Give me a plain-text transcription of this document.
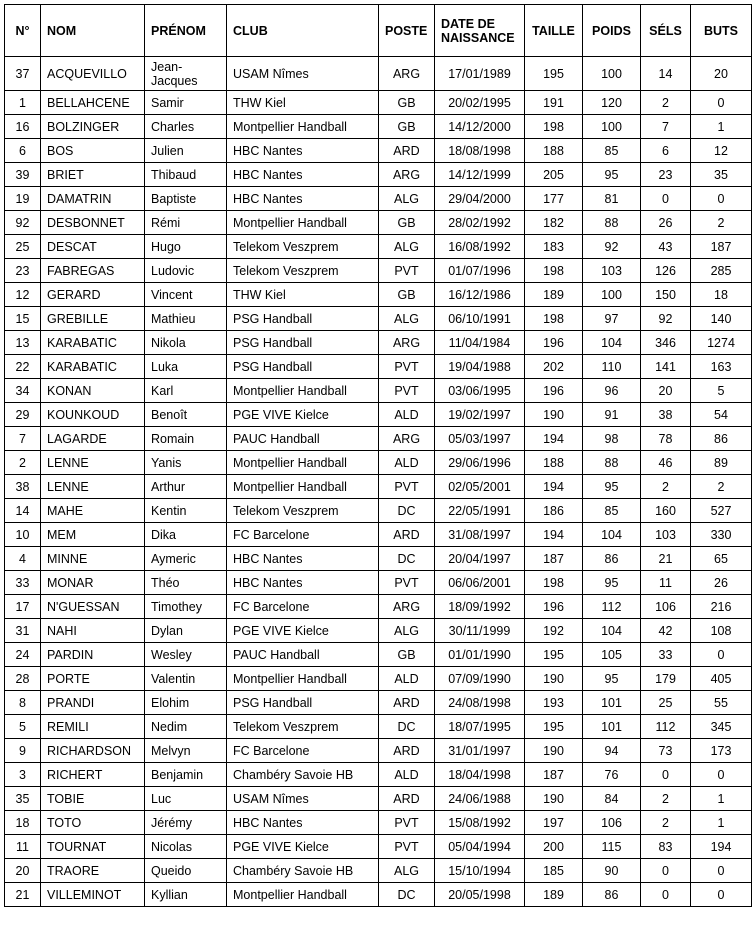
N°	NOM	PRÉNOM	CLUB	POSTE	DATE DE NAISSANCE	TAILLE	POIDS	SÉLS	BUTS
37	ACQUEVILLO	Jean-Jacques	USAM Nîmes	ARG	17/01/1989	195	100	14	20
1	BELLAHCENE	Samir	THW Kiel	GB	20/02/1995	191	120	2	0
16	BOLZINGER	Charles	Montpellier Handball	GB	14/12/2000	198	100	7	1
6	BOS	Julien	HBC Nantes	ARD	18/08/1998	188	85	6	12
39	BRIET	Thibaud	HBC Nantes	ARG	14/12/1999	205	95	23	35
19	DAMATRIN	Baptiste	HBC Nantes	ALG	29/04/2000	177	81	0	0
92	DESBONNET	Rémi	Montpellier Handball	GB	28/02/1992	182	88	26	2
25	DESCAT	Hugo	Telekom Veszprem	ALG	16/08/1992	183	92	43	187
23	FABREGAS	Ludovic	Telekom Veszprem	PVT	01/07/1996	198	103	126	285
12	GERARD	Vincent	THW Kiel	GB	16/12/1986	189	100	150	18
15	GREBILLE	Mathieu	PSG Handball	ALG	06/10/1991	198	97	92	140
13	KARABATIC	Nikola	PSG Handball	ARG	11/04/1984	196	104	346	1274
22	KARABATIC	Luka	PSG Handball	PVT	19/04/1988	202	110	141	163
34	KONAN	Karl	Montpellier Handball	PVT	03/06/1995	196	96	20	5
29	KOUNKOUD	Benoît	PGE VIVE Kielce	ALD	19/02/1997	190	91	38	54
7	LAGARDE	Romain	PAUC Handball	ARG	05/03/1997	194	98	78	86
2	LENNE	Yanis	Montpellier Handball	ALD	29/06/1996	188	88	46	89
38	LENNE	Arthur	Montpellier Handball	PVT	02/05/2001	194	95	2	2
14	MAHE	Kentin	Telekom Veszprem	DC	22/05/1991	186	85	160	527
10	MEM	Dika	FC Barcelone	ARD	31/08/1997	194	104	103	330
4	MINNE	Aymeric	HBC Nantes	DC	20/04/1997	187	86	21	65
33	MONAR	Théo	HBC Nantes	PVT	06/06/2001	198	95	11	26
17	N'GUESSAN	Timothey	FC Barcelone	ARG	18/09/1992	196	112	106	216
31	NAHI	Dylan	PGE VIVE Kielce	ALG	30/11/1999	192	104	42	108
24	PARDIN	Wesley	PAUC Handball	GB	01/01/1990	195	105	33	0
28	PORTE	Valentin	Montpellier Handball	ALD	07/09/1990	190	95	179	405
8	PRANDI	Elohim	PSG Handball	ARD	24/08/1998	193	101	25	55
5	REMILI	Nedim	Telekom Veszprem	DC	18/07/1995	195	101	112	345
9	RICHARDSON	Melvyn	FC Barcelone	ARD	31/01/1997	190	94	73	173
3	RICHERT	Benjamin	Chambéry Savoie HB	ALD	18/04/1998	187	76	0	0
35	TOBIE	Luc	USAM Nîmes	ARD	24/06/1988	190	84	2	1
18	TOTO	Jérémy	HBC Nantes	PVT	15/08/1992	197	106	2	1
11	TOURNAT	Nicolas	PGE VIVE Kielce	PVT	05/04/1994	200	115	83	194
20	TRAORE	Queido	Chambéry Savoie HB	ALG	15/10/1994	185	90	0	0
21	VILLEMINOT	Kyllian	Montpellier Handball	DC	20/05/1998	189	86	0	0
